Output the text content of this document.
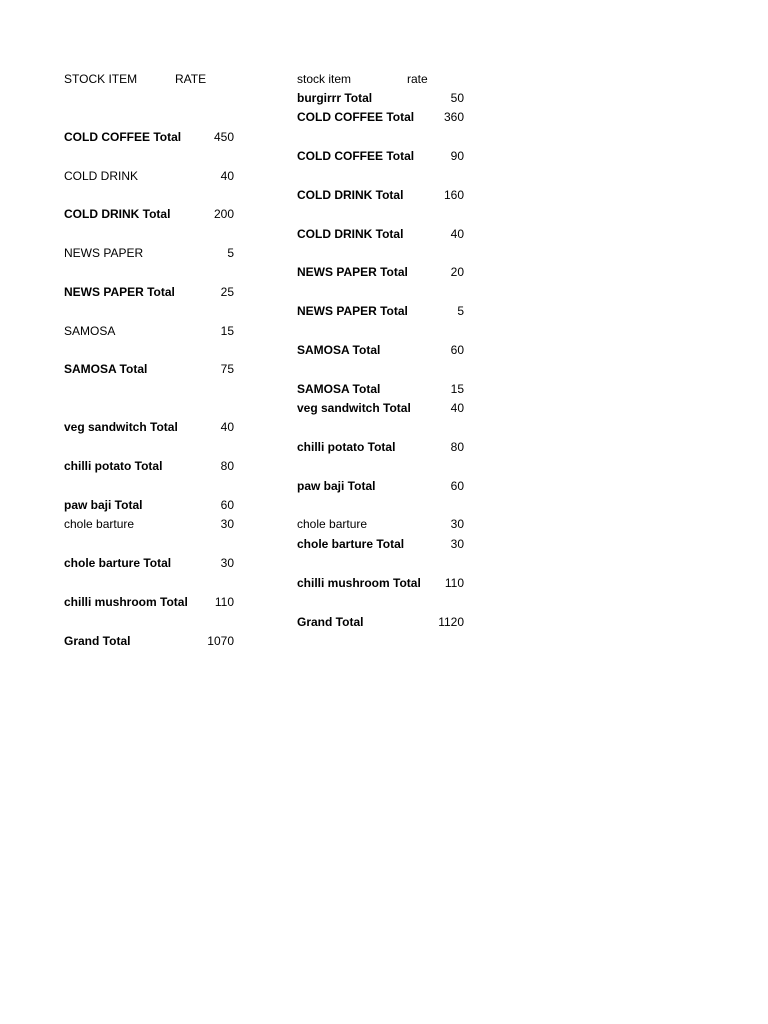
STOCK ITEM	RATE
COLD COFFEE Total	450
COLD DRINK	40
COLD DRINK Total	200
NEWS PAPER	5
NEWS PAPER Total	25
SAMOSA	15
SAMOSA Total	75
veg sandwitch Total	40
chilli potato Total	80
paw baji Total	60
chole barture	30
chole barture Total	30
chilli mushroom Total	110
Grand Total	1070
stock item	rate
burgirrr Total	50
COLD COFFEE Total	360
COLD COFFEE Total	90
COLD DRINK Total	160
COLD DRINK Total	40
NEWS PAPER Total	20
NEWS PAPER Total	5
SAMOSA Total	60
SAMOSA Total	15
veg sandwitch Total	40
chilli potato Total	80
paw baji Total	60
chole barture	30
chole barture Total	30
chilli mushroom Total	110
Grand Total	1120
